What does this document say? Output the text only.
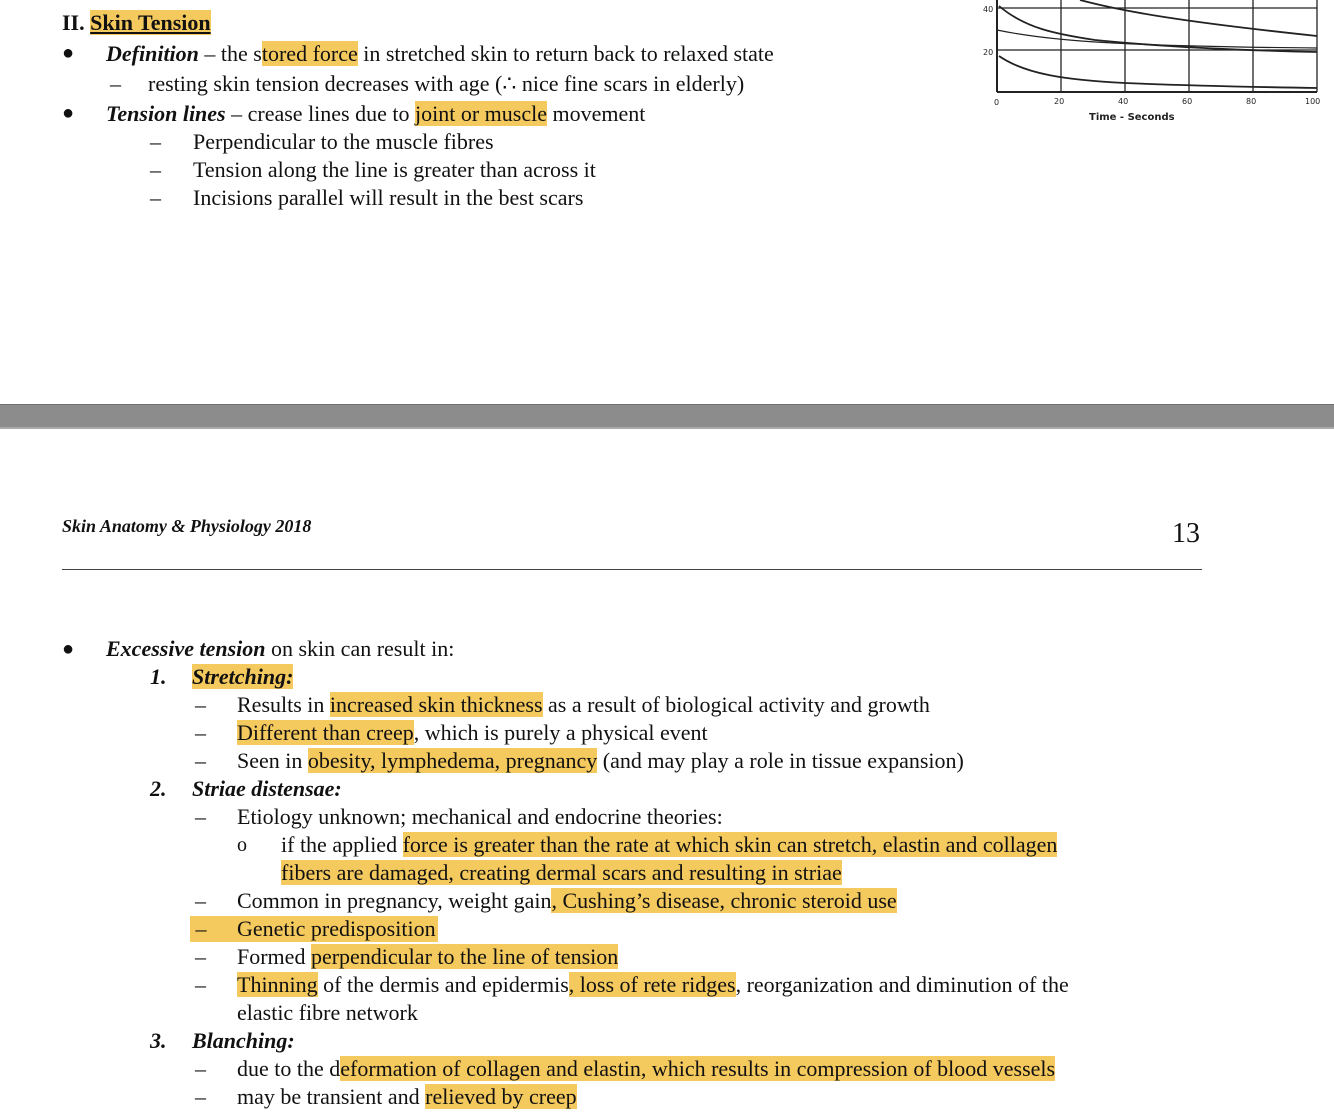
II. Skin Tension
● Definition – the stored force in stretched skin to return back to relaxed state
– resting skin tension decreases with age (∴ nice fine scars in elderly)
● Tension lines – crease lines due to joint or muscle movement
– Perpendicular to the muscle fibres
– Tension along the line is greater than across it
– Incisions parallel will result in the best scars
40
20
0	20	40	60	80	100
Time - Seconds
Skin Anatomy & Physiology 2018	13
● Excessive tension on skin can result in:
1. Stretching:
– Results in increased skin thickness as a result of biological activity and growth
– Different than creep, which is purely a physical event
– Seen in obesity, lymphedema, pregnancy (and may play a role in tissue expansion)
2. Striae distensae:
– Etiology unknown; mechanical and endocrine theories:
o if the applied force is greater than the rate at which skin can stretch, elastin and collagen
fibers are damaged, creating dermal scars and resulting in striae
– Common in pregnancy, weight gain, Cushing’s disease, chronic steroid use
– Genetic predisposition
– Formed perpendicular to the line of tension
– Thinning of the dermis and epidermis, loss of rete ridges, reorganization and diminution of the
elastic fibre network
3. Blanching:
– due to the deformation of collagen and elastin, which results in compression of blood vessels
– may be transient and relieved by creep
